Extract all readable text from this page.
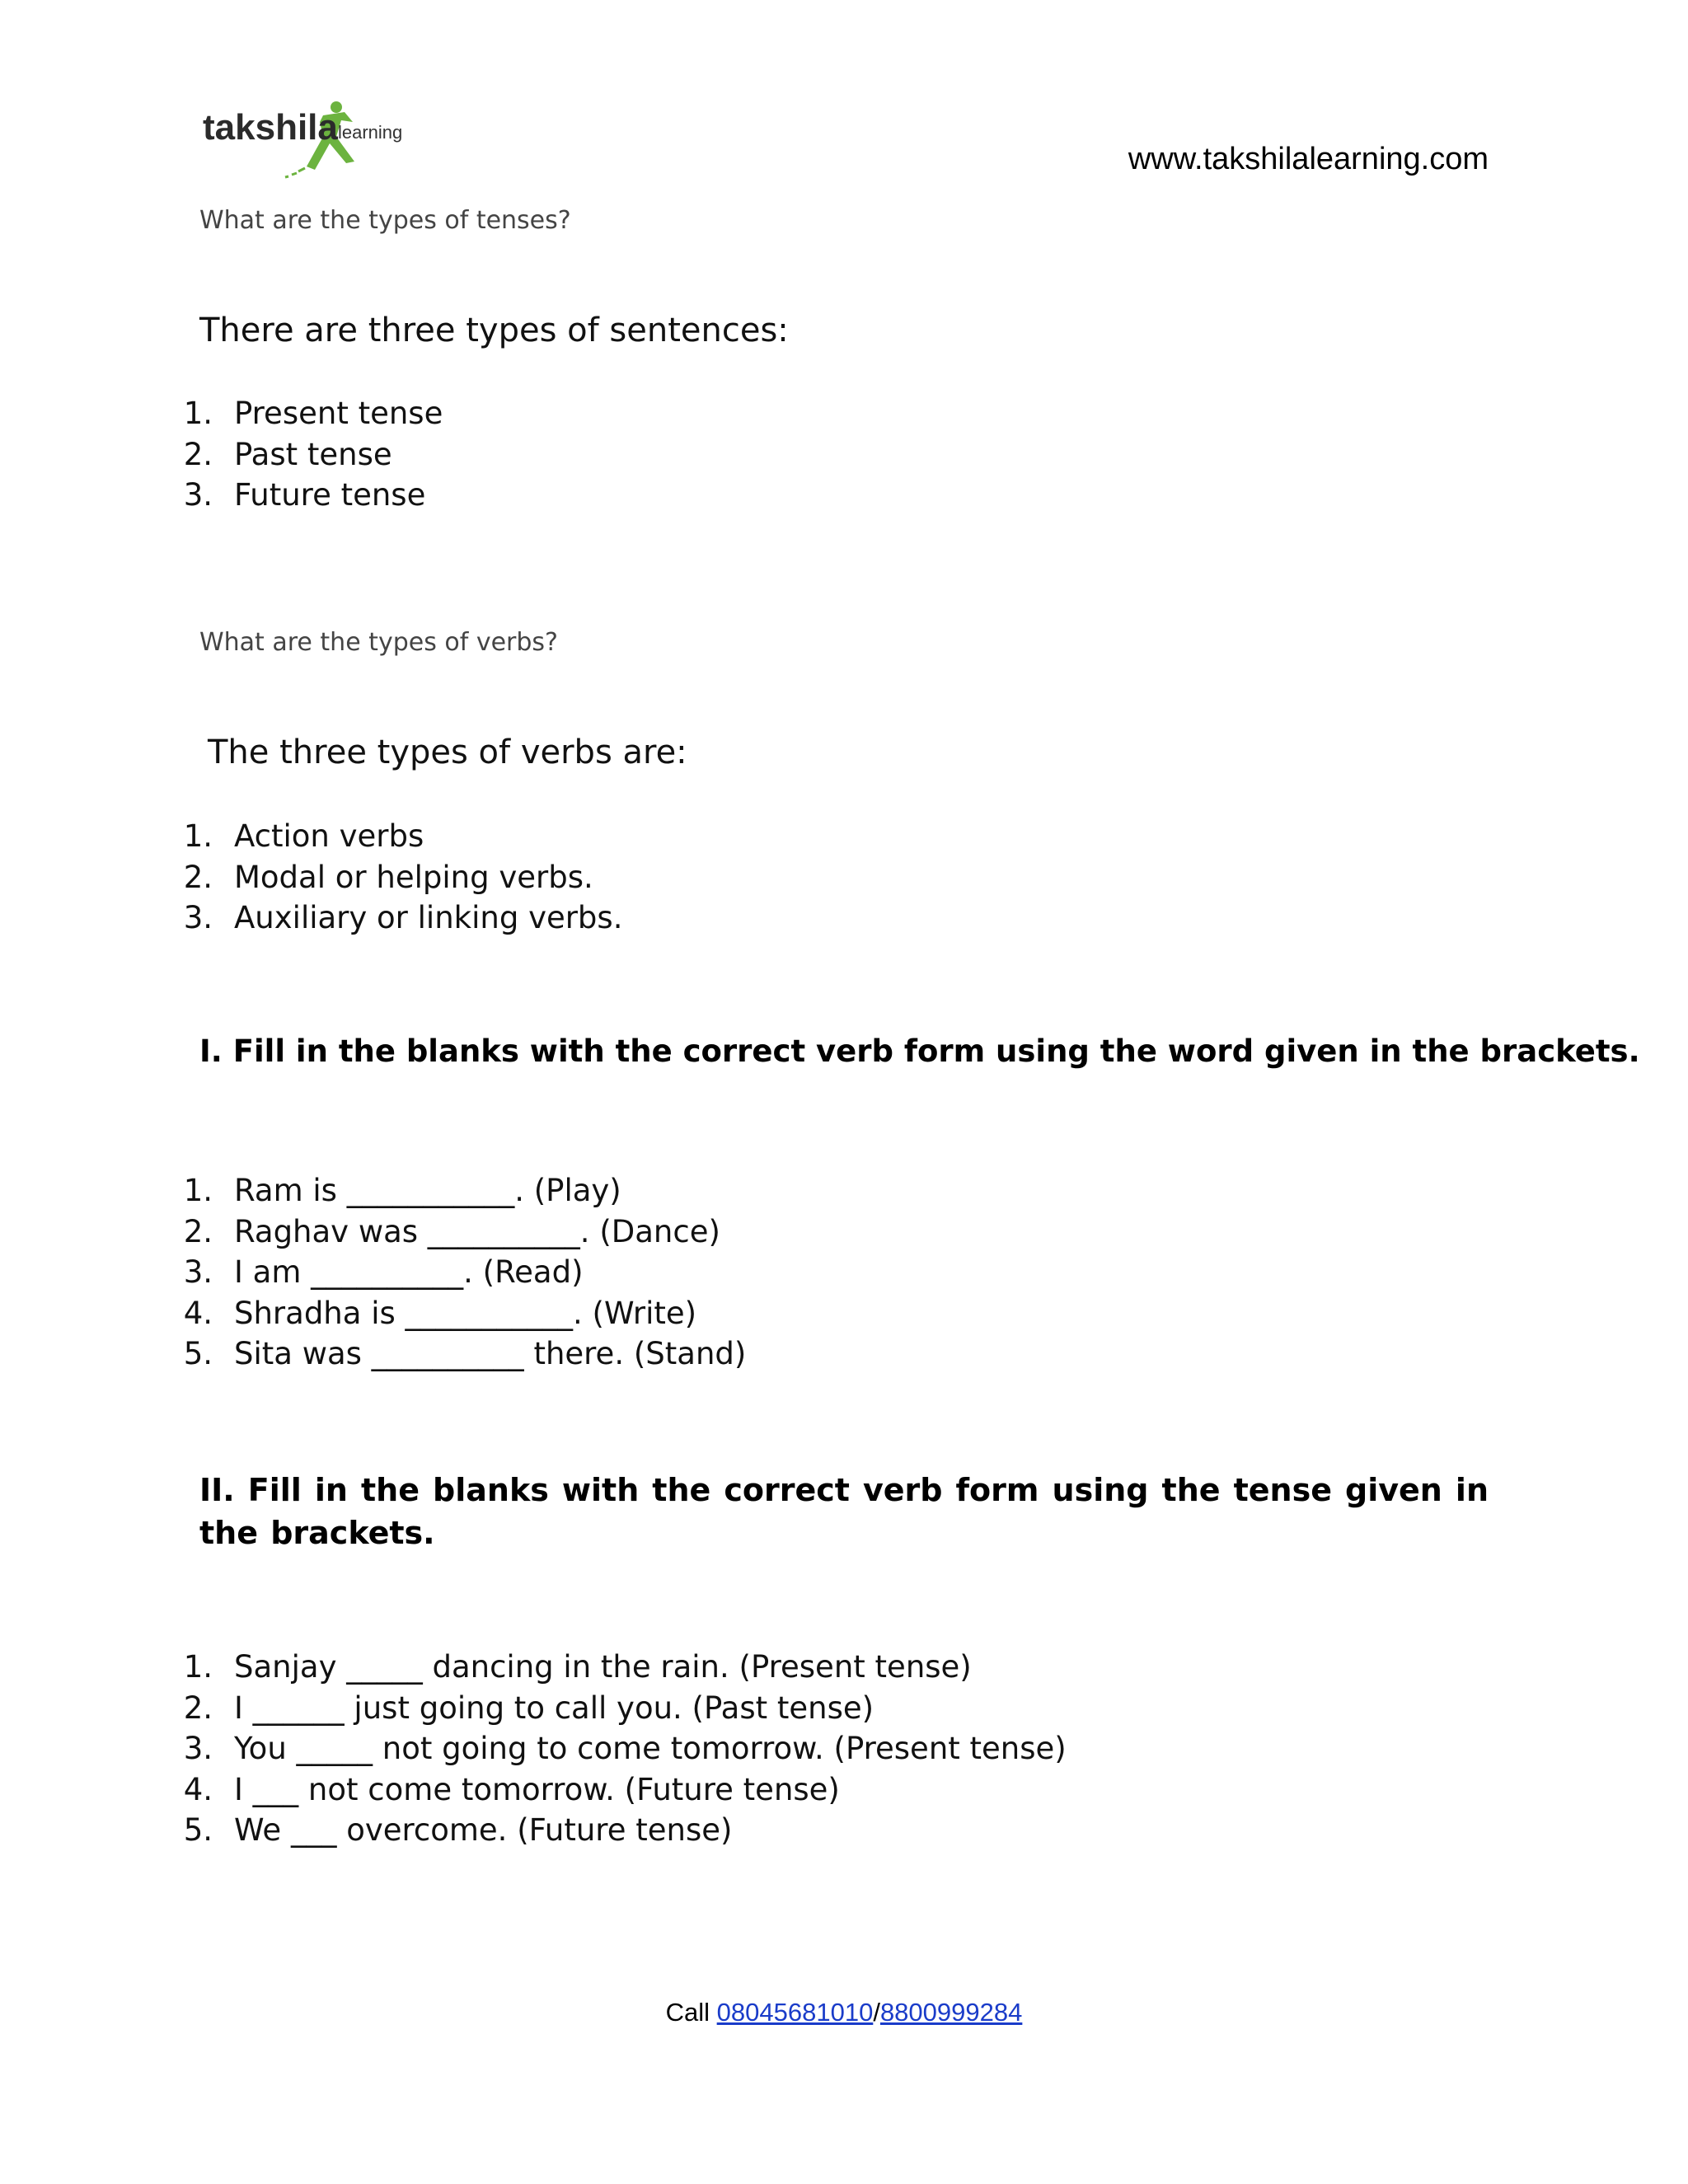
takshila learning
www.takshilalearning.com
What are the types of tenses?
There are three types of sentences:
1. Present tense
2. Past tense
3. Future tense
What are the types of verbs?
The three types of verbs are:
1. Action verbs
2. Modal or helping verbs.
3. Auxiliary or linking verbs.
I. Fill in the blanks with the correct verb form using the word given in the brackets.
1. Ram is ___________. (Play)
2. Raghav was __________. (Dance)
3. I am __________. (Read)
4. Shradha is ___________. (Write)
5. Sita was __________ there. (Stand)
II. Fill in the blanks with the correct verb form using the tense given in the brackets.
1. Sanjay _____ dancing in the rain. (Present tense)
2. I ______ just going to call you. (Past tense)
3. You _____ not going to come tomorrow. (Present tense)
4. I ___ not come tomorrow. (Future tense)
5. We ___ overcome. (Future tense)
Call 08045681010/8800999284
